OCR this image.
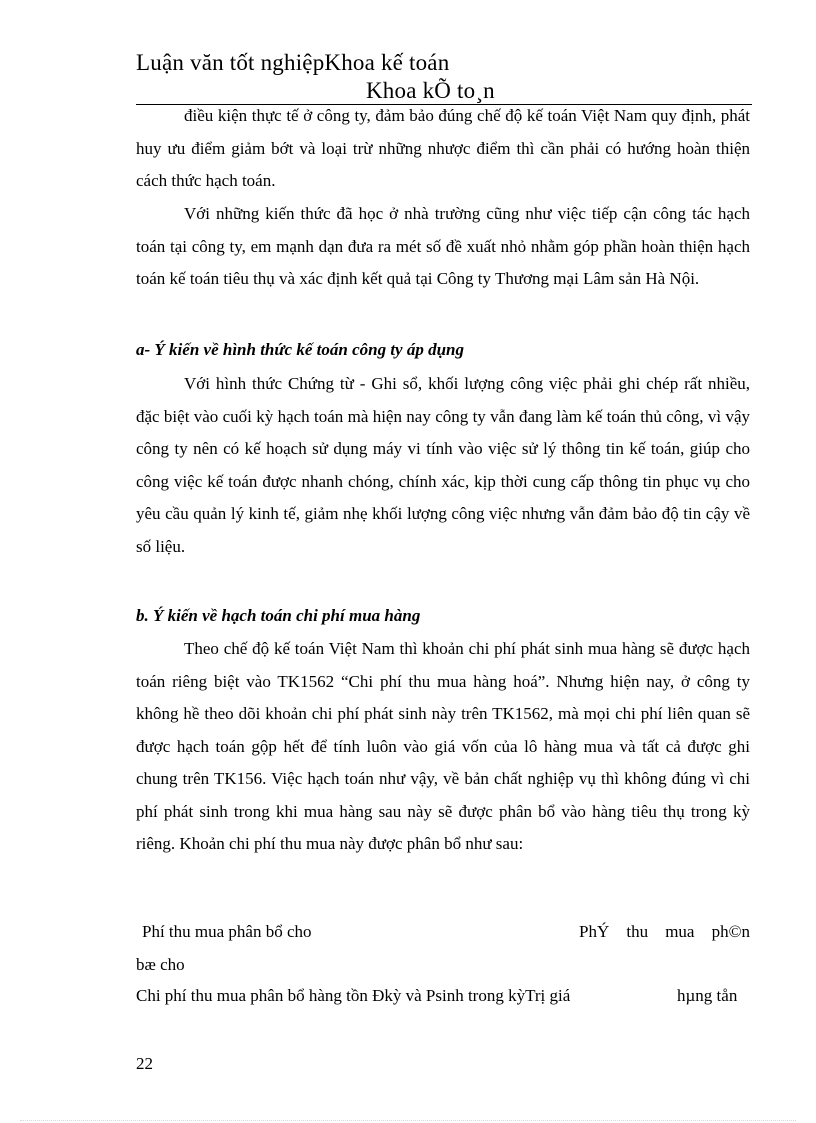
Luận văn tốt nghiệpKhoa kế toán
Khoa kÕ to¸n

điều kiện thực tế ở công ty, đảm bảo đúng chế độ kế toán Việt Nam quy định, phát huy ưu điểm giảm bớt và loại trừ những nhược điểm thì cần phải có hướng hoàn thiện cách thức hạch toán.

Với những kiến thức đã học ở nhà trường cũng như việc tiếp cận công tác hạch toán tại công ty, em mạnh dạn đưa ra mét số đề xuất nhỏ nhằm góp phần hoàn thiện hạch toán kế toán tiêu thụ và xác định kết quả tại Công ty Thương mại Lâm sản Hà Nội.

a- Ý kiến về hình thức kế toán công ty áp dụng

Với hình thức Chứng từ - Ghi sổ, khối lượng công việc phải ghi chép rất nhiều, đặc biệt vào cuối kỳ hạch toán mà hiện nay công ty vẫn đang làm kế toán thủ công, vì vậy công ty nên có kế hoạch sử dụng máy vi tính vào việc sử lý thông tin kế toán, giúp cho công việc kế toán được nhanh chóng, chính xác, kịp thời cung cấp thông tin phục vụ cho yêu cầu quản lý kinh tế, giảm nhẹ khối lượng công việc nhưng vẫn đảm bảo độ tin cậy về số liệu.

b. Ý kiến về hạch toán chi phí mua hàng

Theo chế độ kế toán Việt Nam thì khoản chi phí phát sinh mua hàng sẽ được hạch toán riêng biệt vào TK1562 “Chi phí thu mua hàng hoá”. Nhưng hiện nay, ở công ty không hề theo dõi khoản chi phí phát sinh này trên TK1562, mà mọi chi phí liên quan sẽ được hạch toán gộp hết để tính luôn vào giá vốn của lô hàng mua và tất cả được ghi chung trên TK156. Việc hạch toán như vậy, về bản chất nghiệp vụ thì không đúng vì chi phí phát sinh trong khi mua hàng sau này sẽ được phân bổ vào hàng tiêu thụ trong kỳ riêng. Khoản chi phí thu mua này được phân bổ như sau:

Phí thu mua phân bổ cho	PhÝ thu mua ph©n
bæ cho
Chi phí thu mua phân bổ hàng tồn Đkỳ và Psinh trong kỳTrị giá	hµng tån
22
